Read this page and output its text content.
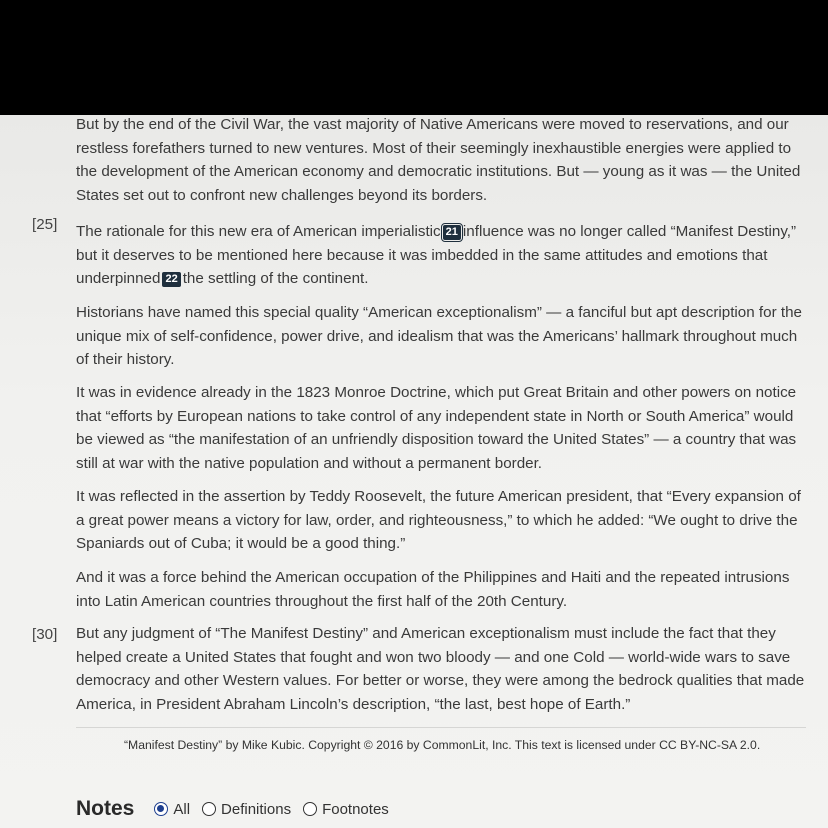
But by the end of the Civil War, the vast majority of Native Americans were moved to reservations, and our restless forefathers turned to new ventures. Most of their seemingly inexhaustible energies were applied to the development of the American economy and democratic institutions. But — young as it was — the United States set out to confront new challenges beyond its borders.

[25] The rationale for this new era of American imperialistic 21 influence was no longer called “Manifest Destiny,” but it deserves to be mentioned here because it was imbedded in the same attitudes and emotions that underpinned 22 the settling of the continent.

Historians have named this special quality “American exceptionalism” — a fanciful but apt description for the unique mix of self-confidence, power drive, and idealism that was the Americans’ hallmark throughout much of their history.

It was in evidence already in the 1823 Monroe Doctrine, which put Great Britain and other powers on notice that “efforts by European nations to take control of any independent state in North or South America” would be viewed as “the manifestation of an unfriendly disposition toward the United States” — a country that was still at war with the native population and without a permanent border.

It was reflected in the assertion by Teddy Roosevelt, the future American president, that “Every expansion of a great power means a victory for law, order, and righteousness,” to which he added: “We ought to drive the Spaniards out of Cuba; it would be a good thing.”

And it was a force behind the American occupation of the Philippines and Haiti and the repeated intrusions into Latin American countries throughout the first half of the 20th Century.

[30] But any judgment of “The Manifest Destiny” and American exceptionalism must include the fact that they helped create a United States that fought and won two bloody — and one Cold — world-wide wars to save democracy and other Western values. For better or worse, they were among the bedrock qualities that made America, in President Abraham Lincoln’s description, “the last, best hope of Earth.”

“Manifest Destiny” by Mike Kubic. Copyright © 2016 by CommonLit, Inc. This text is licensed under CC BY-NC-SA 2.0.
Notes	All Definitions Footnotes
